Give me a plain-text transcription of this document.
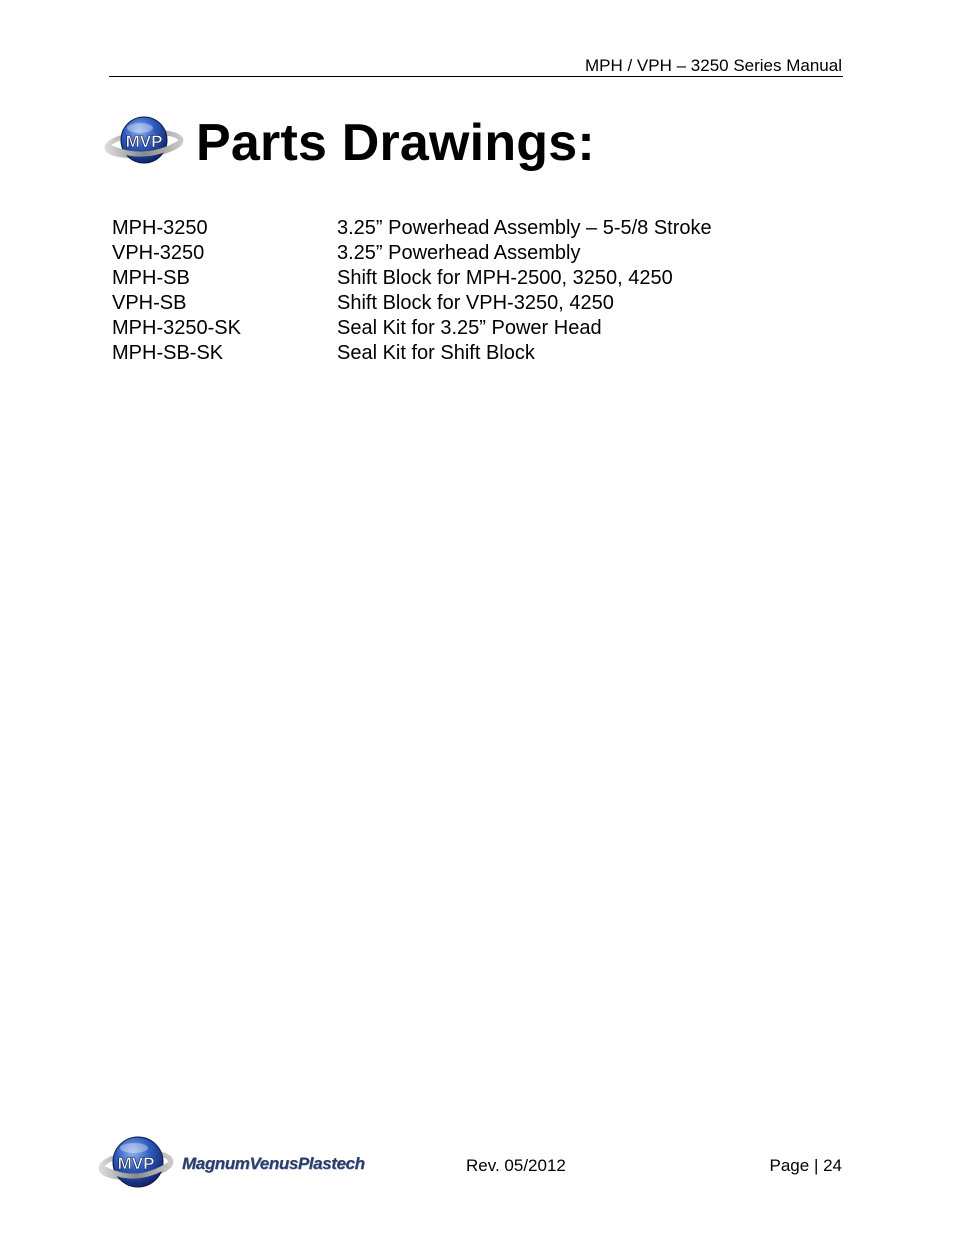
MPH / VPH – 3250 Series Manual
MVP Parts Drawings:
MPH-3250	3.25” Powerhead Assembly – 5-5/8 Stroke
VPH-3250	3.25” Powerhead Assembly
MPH-SB	Shift Block for MPH-2500, 3250, 4250
VPH-SB	Shift Block for VPH-3250, 4250
MPH-3250-SK	Seal Kit for 3.25” Power Head
MPH-SB-SK	Seal Kit for Shift Block
MVP MagnumVenusPlastech	Rev. 05/2012	Page | 24
